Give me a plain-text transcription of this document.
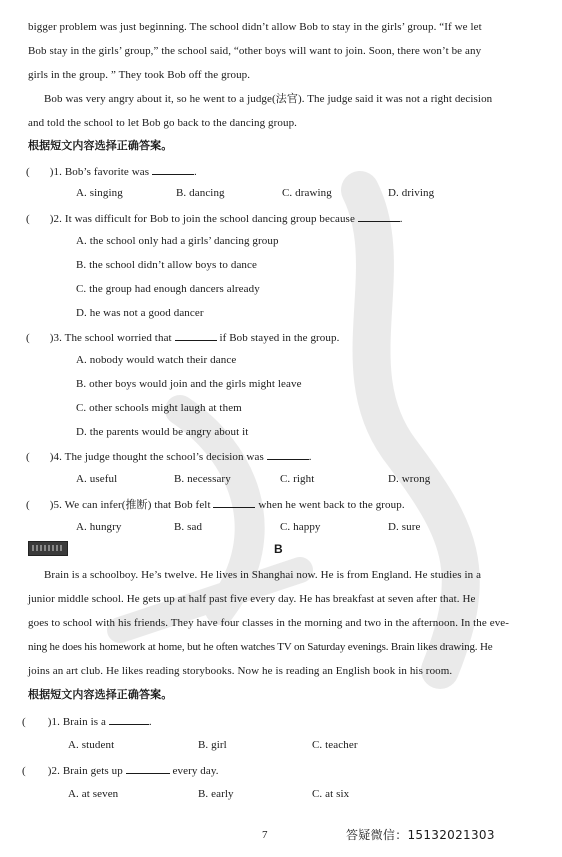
bigger problem was just beginning. The school didn’t allow Bob to stay in the girls’ group. “If we let
Bob stay in the girls’ group,” the school said, “other boys will want to join. Soon, there won’t be any
girls in the group. ” They took Bob off the group.
Bob was very angry about it, so he went to a judge(法官). The judge said it was not a right decision
and told the school to let Bob go back to the dancing group.
根据短文内容选择正确答案。
( )1. Bob’s favorite was	.
A. singing	B. dancing	C. drawing	D. driving
( )2. It was difficult for Bob to join the school dancing group because	.
A. the school only had a girls’ dancing group
B. the school didn’t allow boys to dance
C. the group had enough dancers already
D. he was not a good dancer
( )3. The school worried that	if Bob stayed in the group.
A. nobody would watch their dance
B. other boys would join and the girls might leave
C. other schools might laugh at them
D. the parents would be angry about it
( )4. The judge thought the school’s decision was	.
A. useful	B. necessary	C. right	D. wrong
( )5. We can infer(推断) that Bob felt	when he went back to the group.
A. hungry	B. sad	C. happy	D. sure
B
Brain is a schoolboy. He’s twelve. He lives in Shanghai now. He is from England. He studies in a
junior middle school. He gets up at half past five every day. He has breakfast at seven after that. He
goes to school with his friends. They have four classes in the morning and two in the afternoon. In the eve-
ning he does his homework at home, but he often watches TV on Saturday evenings. Brain likes drawing. He
joins an art club. He likes reading storybooks. Now he is reading an English book in his room.
根据短文内容选择正确答案。
( )1. Brain is a	.
A. student	B. girl	C. teacher
( )2. Brain gets up	every day.
A. at seven	B. early	C. at six
7	答疑微信：15132021303
